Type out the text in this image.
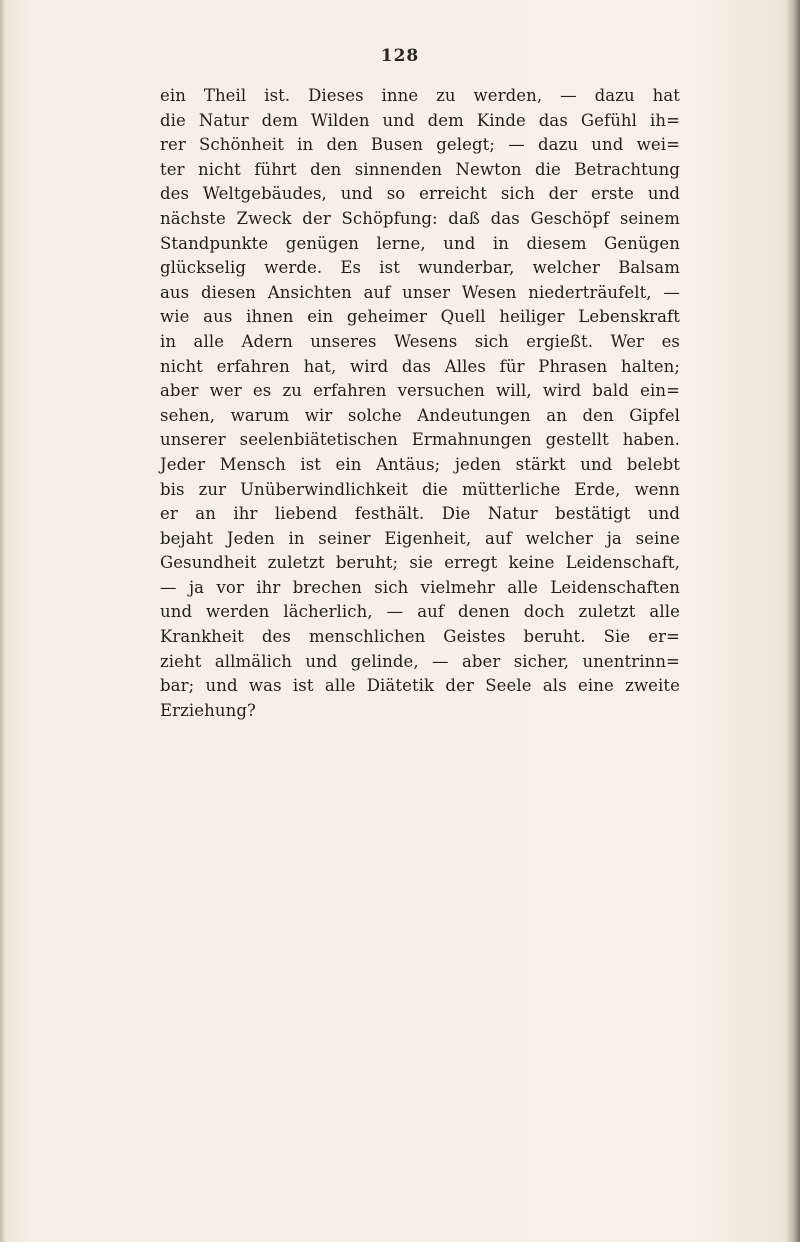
128
ein Theil ist. Dieses inne zu werden, — dazu hat
die Natur dem Wilden und dem Kinde das Gefühl ih=
rer Schönheit in den Busen gelegt; — dazu und wei=
ter nicht führt den sinnenden Newton die Betrachtung
des Weltgebäudes, und so erreicht sich der erste und
nächste Zweck der Schöpfung: daß das Geschöpf seinem
Standpunkte genügen lerne, und in diesem Genügen
glückselig werde. Es ist wunderbar, welcher Balsam
aus diesen Ansichten auf unser Wesen niederträufelt, —
wie aus ihnen ein geheimer Quell heiliger Lebenskraft
in alle Adern unseres Wesens sich ergießt. Wer es
nicht erfahren hat, wird das Alles für Phrasen halten;
aber wer es zu erfahren versuchen will, wird bald ein=
sehen, warum wir solche Andeutungen an den Gipfel
unserer seelenbiätetischen Ermahnungen gestellt haben.
Jeder Mensch ist ein Antäus; jeden stärkt und belebt
bis zur Unüberwindlichkeit die mütterliche Erde, wenn
er an ihr liebend festhält. Die Natur bestätigt und
bejaht Jeden in seiner Eigenheit, auf welcher ja seine
Gesundheit zuletzt beruht; sie erregt keine Leidenschaft,
— ja vor ihr brechen sich vielmehr alle Leidenschaften
und werden lächerlich, — auf denen doch zuletzt alle
Krankheit des menschlichen Geistes beruht. Sie er=
zieht allmälich und gelinde, — aber sicher, unentrinn=
bar; und was ist alle Diätetik der Seele als eine zweite
Erziehung?
